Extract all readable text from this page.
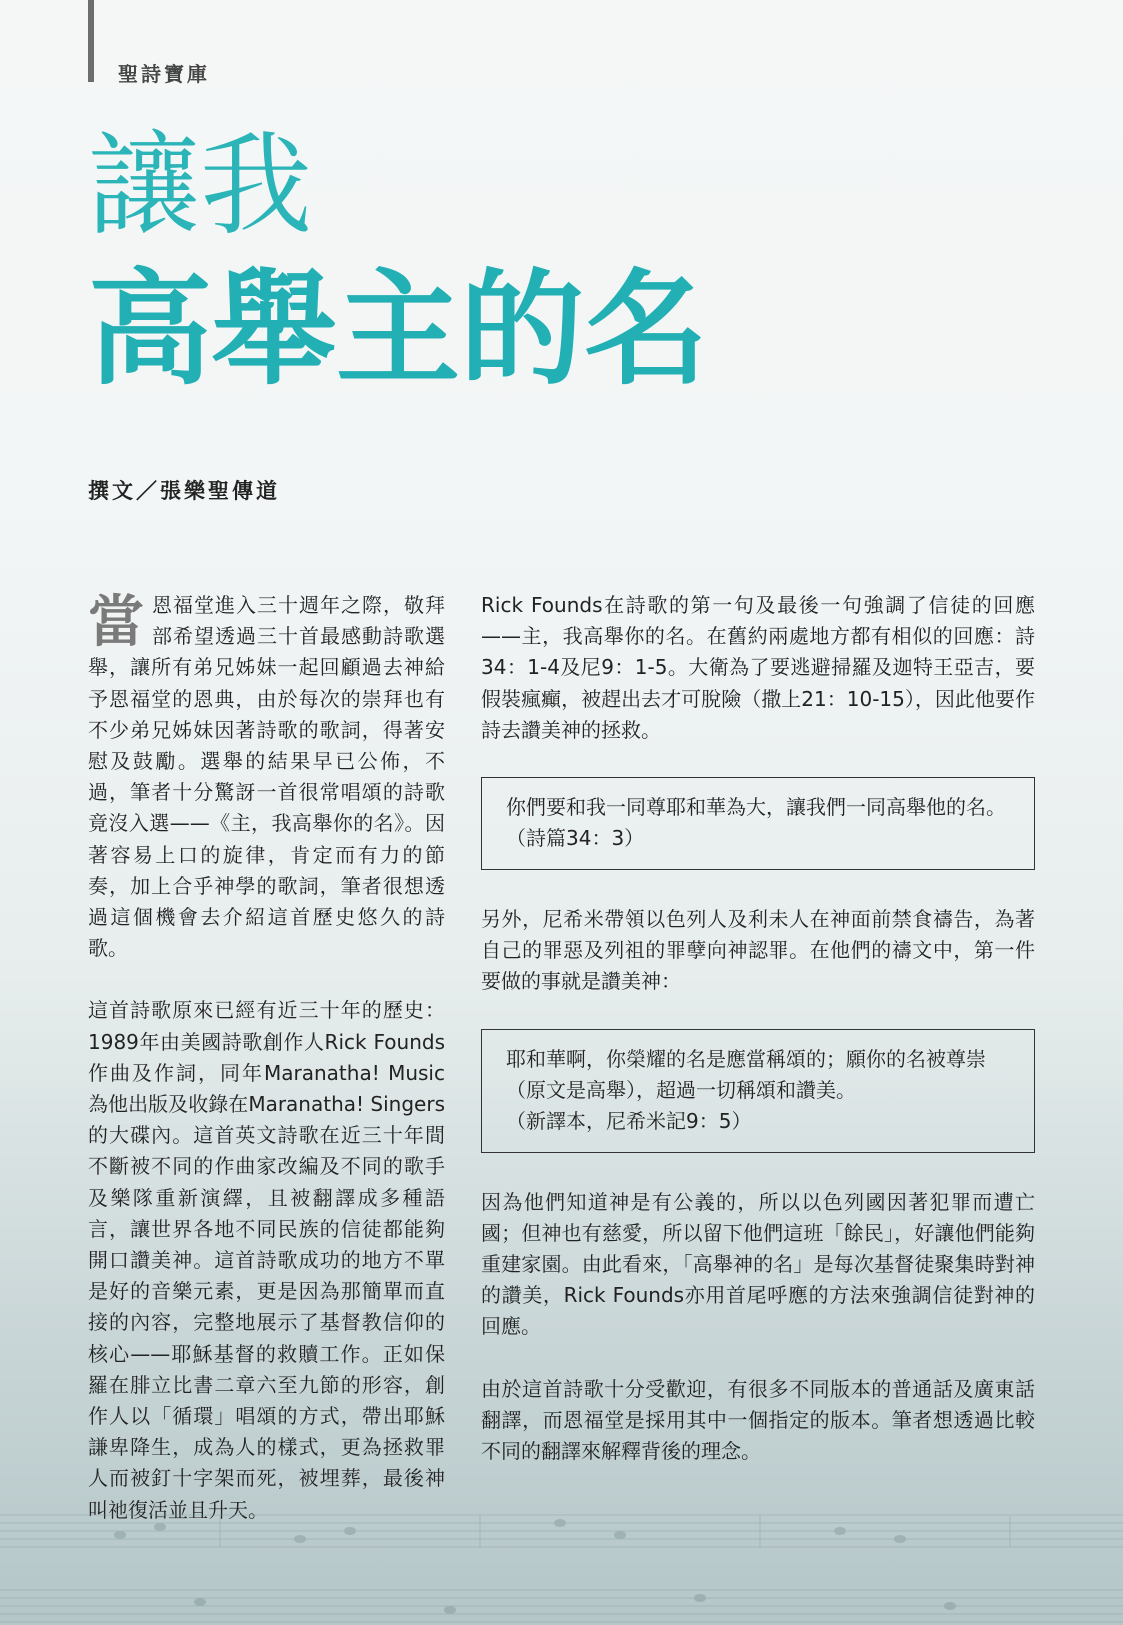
聖詩寶庫
讓我
高舉主的名
撰文／張樂聖傳道

當恩福堂進入三十週年之際，敬拜部希望透過三十首最感動詩歌選舉，讓所有弟兄姊妹一起回顧過去神給予恩福堂的恩典，由於每次的崇拜也有不少弟兄姊妹因著詩歌的歌詞，得著安慰及鼓勵。選舉的結果早已公佈，不過，筆者十分驚訝一首很常唱頌的詩歌竟沒入選——《主，我高舉你的名》。因著容易上口的旋律，肯定而有力的節奏，加上合乎神學的歌詞，筆者很想透過這個機會去介紹這首歷史悠久的詩歌。

這首詩歌原來已經有近三十年的歷史：1989年由美國詩歌創作人Rick Founds作曲及作詞，同年Maranatha! Music為他出版及收錄在Maranatha! Singers的大碟內。這首英文詩歌在近三十年間不斷被不同的作曲家改編及不同的歌手及樂隊重新演繹，且被翻譯成多種語言，讓世界各地不同民族的信徒都能夠開口讚美神。這首詩歌成功的地方不單是好的音樂元素，更是因為那簡單而直接的內容，完整地展示了基督教信仰的核心——耶穌基督的救贖工作。正如保羅在腓立比書二章六至九節的形容，創作人以「循環」唱頌的方式，帶出耶穌謙卑降生，成為人的樣式，更為拯救罪人而被釘十字架而死，被埋葬，最後神叫祂復活並且升天。

Rick Founds在詩歌的第一句及最後一句強調了信徒的回應——主，我高舉你的名。在舊約兩處地方都有相似的回應：詩34：1-4及尼9：1-5。大衛為了要逃避掃羅及迦特王亞吉，要假裝瘋癲，被趕出去才可脫險（撒上21：10-15），因此他要作詩去讚美神的拯救。

你們要和我一同尊耶和華為大，讓我們一同高舉他的名。
（詩篇34：3）

另外，尼希米帶領以色列人及利未人在神面前禁食禱告，為著自己的罪惡及列祖的罪孽向神認罪。在他們的禱文中，第一件要做的事就是讚美神：

耶和華啊，你榮耀的名是應當稱頌的；願你的名被尊崇
（原文是高舉），超過一切稱頌和讚美。
（新譯本，尼希米記9：5）

因為他們知道神是有公義的，所以以色列國因著犯罪而遭亡國；但神也有慈愛，所以留下他們這班「餘民」，好讓他們能夠重建家園。由此看來，「高舉神的名」是每次基督徒聚集時對神的讚美，Rick Founds亦用首尾呼應的方法來強調信徒對神的回應。

由於這首詩歌十分受歡迎，有很多不同版本的普通話及廣東話翻譯，而恩福堂是採用其中一個指定的版本。筆者想透過比較不同的翻譯來解釋背後的理念。
